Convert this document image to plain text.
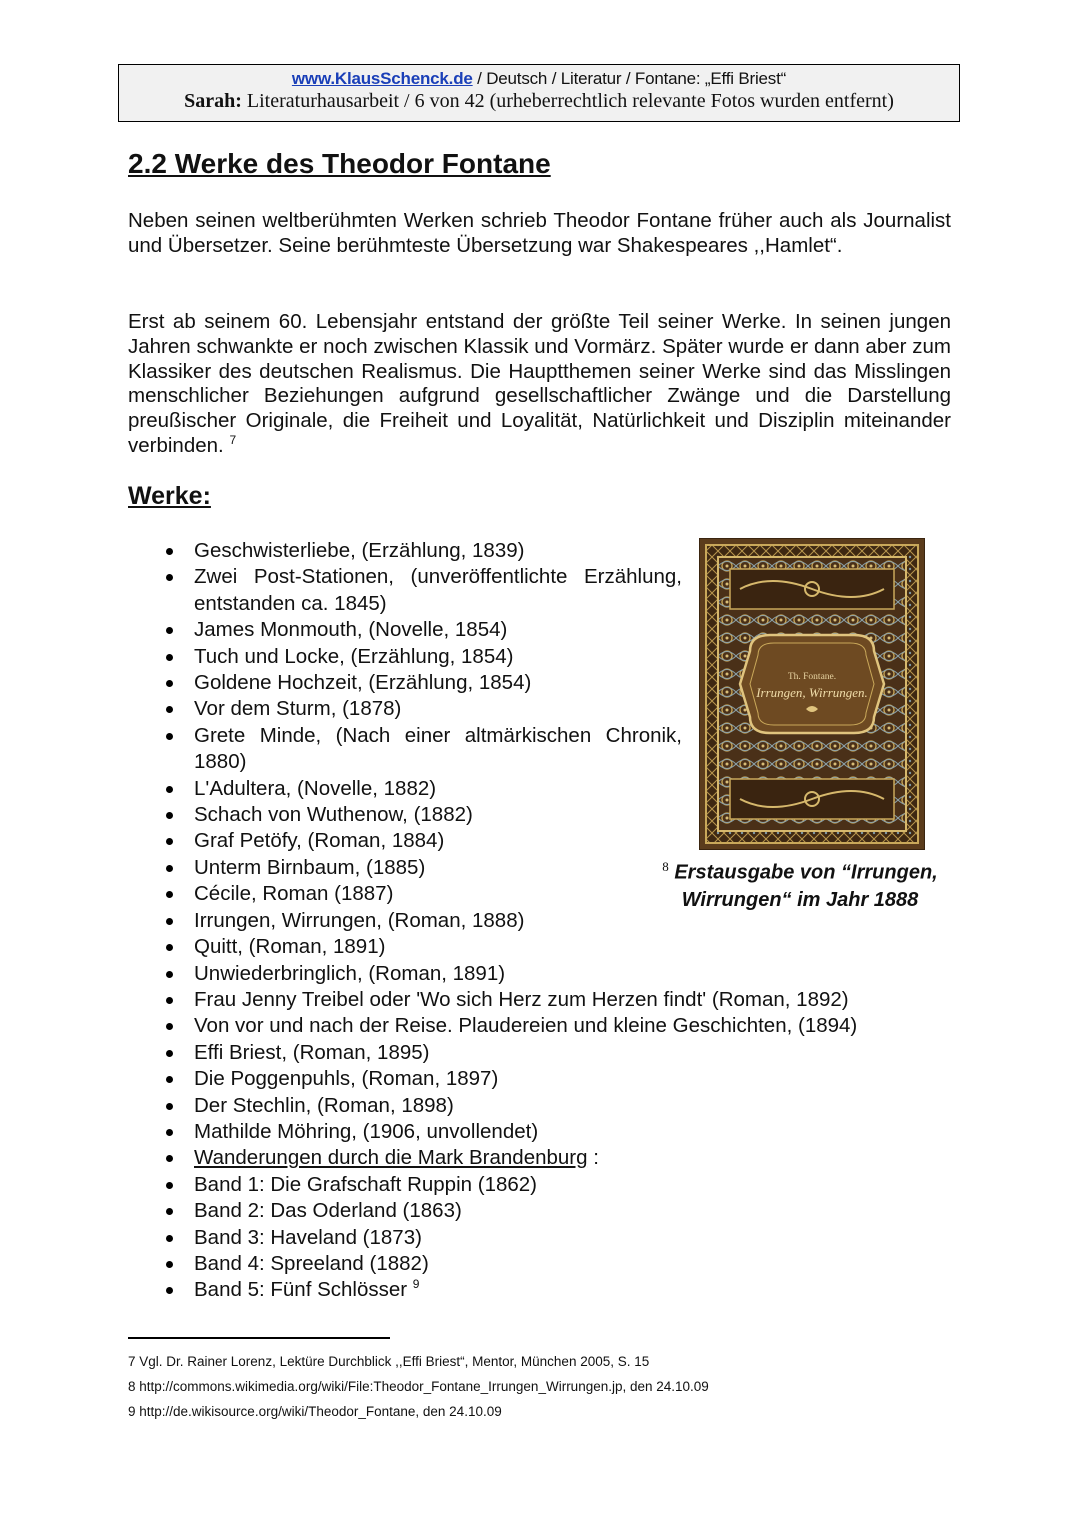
www.KlausSchenck.de / Deutsch / Literatur / Fontane: „Effi Briest“
Sarah: Literaturhausarbeit / 6 von 42 (urheberrechtlich relevante Fotos wurden entfernt)
2.2 Werke des Theodor Fontane

Neben seinen weltberühmten Werken schrieb Theodor Fontane früher auch als Journalist und Übersetzer. Seine berühmteste Übersetzung war Shakespeares ,,Hamlet“.

Erst ab seinem 60. Lebensjahr entstand der größte Teil seiner Werke. In seinen jungen Jahren schwankte er noch zwischen Klassik und Vormärz. Später wurde er dann aber zum Klassiker des deutschen Realismus. Die Hauptthemen seiner Werke sind das Misslingen menschlicher Beziehungen aufgrund gesellschaftlicher Zwänge und die Darstellung preußischer Originale, die Freiheit und Loyalität, Natürlichkeit und Disziplin miteinander verbinden. $^7$

Werke:
Geschwisterliebe, (Erzählung, 1839)
Zwei Post-Stationen, (unveröffentlichte Erzählung, entstanden ca. 1845)
James Monmouth, (Novelle, 1854)
Tuch und Locke, (Erzählung, 1854)
Goldene Hochzeit, (Erzählung, 1854)
Vor dem Sturm, (1878)
Grete Minde, (Nach einer altmärkischen Chronik, 1880)
L'Adultera, (Novelle, 1882)
Schach von Wuthenow, (1882)
Graf Petöfy, (Roman, 1884)
Unterm Birnbaum, (1885)
Cécile, Roman (1887)
Irrungen, Wirrungen, (Roman, 1888)
Quitt, (Roman, 1891)
Unwiederbringlich, (Roman, 1891)
Frau Jenny Treibel oder 'Wo sich Herz zum Herzen findt' (Roman, 1892)
Von vor und nach der Reise. Plaudereien und kleine Geschichten, (1894)
Effi Briest, (Roman, 1895)
Die Poggenpuhls, (Roman, 1897)
Der Stechlin, (Roman, 1898)
Mathilde Möhring, (1906, unvollendet)
Wanderungen durch die Mark Brandenburg :
Band 1: Die Grafschaft Ruppin (1862)
Band 2: Das Oderland (1863)
Band 3: Haveland (1873)
Band 4: Spreeland (1882)
Band 5: Fünf Schlösser $^9$
Th. Fontane.
Irrungen, Wirrungen.
$^8$ Erstausgabe von “Irrungen,
Wirrungen“ im Jahr 1888
7 Vgl. Dr. Rainer Lorenz, Lektüre Durchblick ,,Effi Briest“, Mentor, München 2005, S. 15
8 http://commons.wikimedia.org/wiki/File:Theodor_Fontane_Irrungen_Wirrungen.jp, den 24.10.09
9 http://de.wikisource.org/wiki/Theodor_Fontane, den 24.10.09
